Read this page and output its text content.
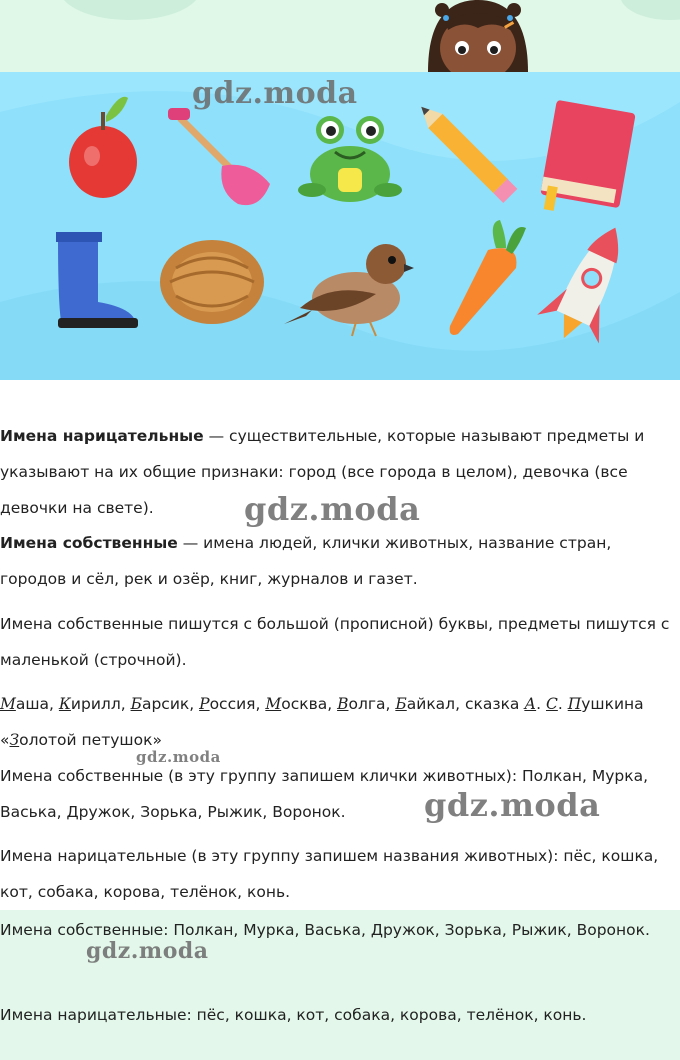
gdz.moda

Имена нарицательные — существительные, которые называют предметы и указывают на их общие признаки: город (все города в целом), девочка (все девочки на свете).	gdz.moda

Имена собственные — имена людей, клички животных, название стран, городов и сёл, рек и озёр, книг, журналов и газет.

Имена собственные пишутся с большой (прописной) буквы, предметы пишутся с маленькой (строчной).

Маша, Кирилл, Барсик, Россия, Москва, Волга, Байкал, сказка А. С. Пушкина «Золотой петушок»

gdz.moda

Имена собственные (в эту группу запишем клички животных): Полкан, Мурка, Васька, Дружок, Зорька, Рыжик, Воронок.	gdz.moda

Имена нарицательные (в эту группу запишем названия животных): пёс, кошка, кот, собака, корова, телёнок, конь.

Имена собственные: Полкан, Мурка, Васька, Дружок, Зорька, Рыжик, Воронок.

gdz.moda

Имена нарицательные: пёс, кошка, кот, собака, корова, телёнок, конь.
